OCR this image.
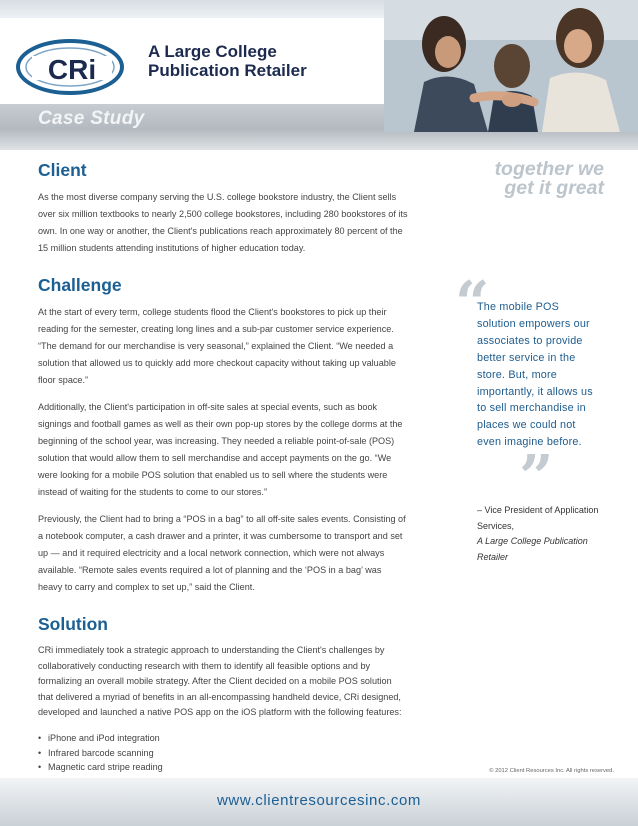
CRi
A Large College
Publication Retailer
Case Study
together we
get it great
Client

As the most diverse company serving the U.S. college bookstore industry, the Client sells over six million textbooks to nearly 2,500 college bookstores, including 280 bookstores of its own. In one way or another, the Client's publications reach approximately 80 percent of the 15 million students attending institutions of higher education today.

Challenge

At the start of every term, college students flood the Client's bookstores to pick up their reading for the semester, creating long lines and a sub-par customer service experience. “The demand for our merchandise is very seasonal,” explained the Client. “We needed a solution that allowed us to quickly add more checkout capacity without taking up valuable floor space.”

Additionally, the Client's participation in off-site sales at special events, such as book signings and football games as well as their own pop-up stores by the college dorms at the beginning of the school year, was increasing. They needed a reliable point-of-sale (POS) solution that would allow them to sell merchandise and accept payments on the go. “We were looking for a mobile POS solution that enabled us to sell where the students were instead of waiting for the students to come to our stores.”

Previously, the Client had to bring a “POS in a bag” to all off-site sales events. Consisting of a notebook computer, a cash drawer and a printer, it was cumbersome to transport and set up — and it required electricity and a local network connection, which were not always available. “Remote sales events required a lot of planning and the ‘POS in a bag’ was heavy to carry and complex to set up,” said the Client.

Solution

CRi immediately took a strategic approach to understanding the Client's challenges by collaboratively conducting research with them to identify all feasible options and by formalizing an overall mobile strategy. After the Client decided on a mobile POS solution that delivered a myriad of benefits in an all-encompassing handheld device, CRi designed, developed and launched a native POS app on the iOS platform with the following features:

• iPhone and iPod integration
• Infrared barcode scanning
• Magnetic card stripe reading
•
•
“
The mobile POS solution empowers our associates to provide better service in the store. But, more importantly, it allows us to sell merchandise in places we could not even imagine before.
”
– Vice President of Application Services,
A Large College Publication Retailer
© 2012 Client Resources Inc. All rights reserved.
www.clientresourcesinc.com
